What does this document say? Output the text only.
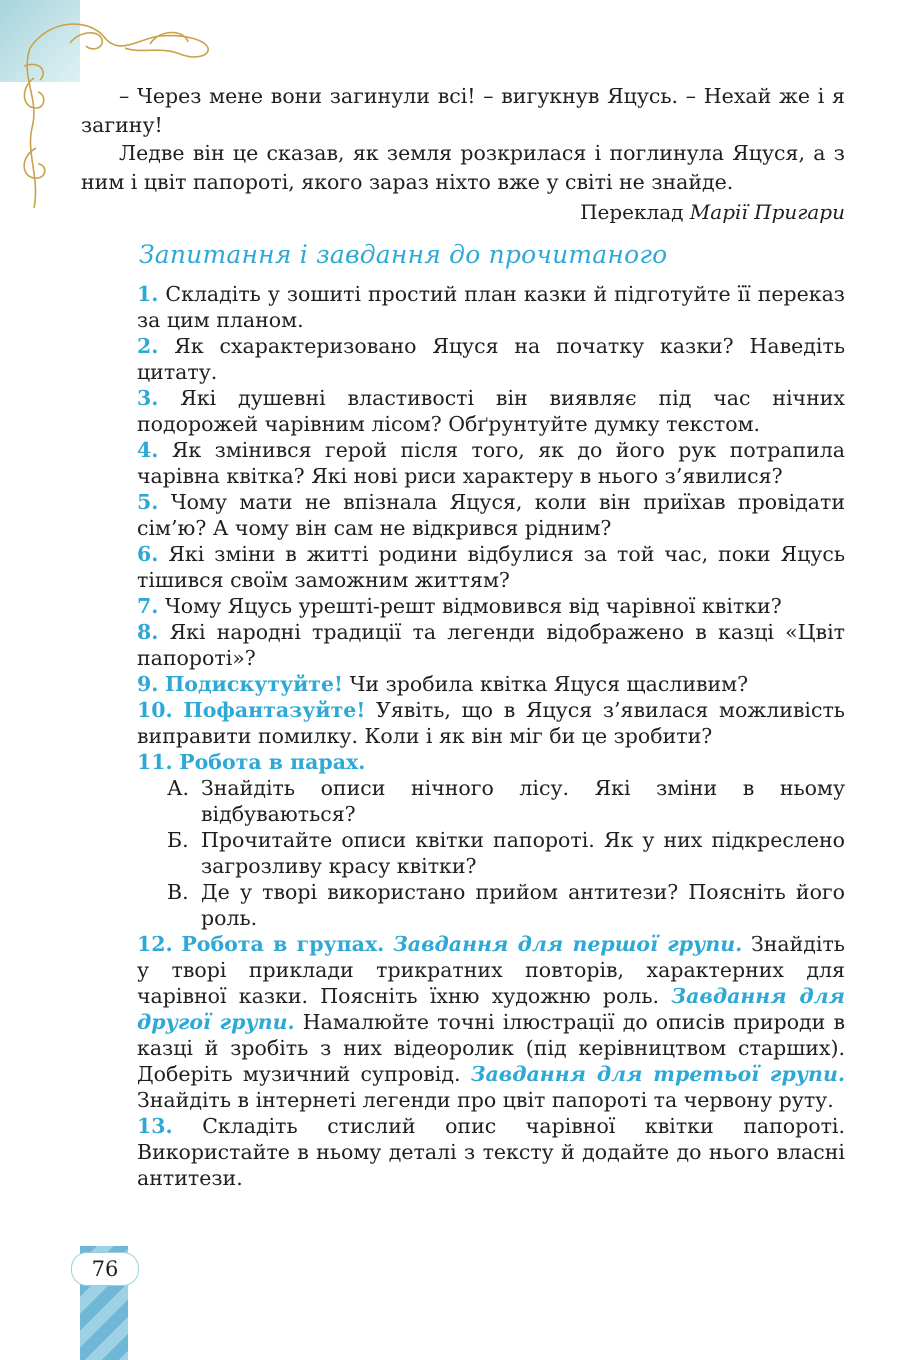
76

– Через мене вони загинули всі! – вигукнув Яцусь. – Нехай же і я загину!

Ледве він це сказав, як земля розкрилася і поглинула Яцуся, а з ним і цвіт папороті, якого зараз ніхто вже у світі не знайде.

Переклад Марії Пригари

Запитання і завдання до прочитаного

1. Складіть у зошиті простий план казки й підготуйте її переказ за цим планом.

2. Як схарактеризовано Яцуся на початку казки? Наведіть цитату.

3. Які душевні властивості він виявляє під час нічних подорожей чарівним лісом? Обґрунтуйте думку текстом.

4. Як змінився герой після того, як до його рук потрапила чарівна квітка? Які нові риси характеру в нього з’явилися?

5. Чому мати не впізнала Яцуся, коли він приїхав провідати сім’ю? А чому він сам не відкрився рідним?

6. Які зміни в житті родини відбулися за той час, поки Яцусь тішився своїм заможним життям?

7. Чому Яцусь урешті-решт відмовився від чарівної квітки?

8. Які народні традиції та легенди відображено в казці «Цвіт папороті»?

9. Подискутуйте! Чи зробила квітка Яцуся щасливим?

10. Пофантазуйте! Уявіть, що в Яцуся з’явилася можливість виправити помилку. Коли і як він міг би це зробити?

11. Робота в парах.

А. Знайдіть описи нічного лісу. Які зміни в ньому відбуваються?

Б. Прочитайте описи квітки папороті. Як у них підкреслено загрозливу красу квітки?

В. Де у творі використано прийом антитези? Поясніть його роль.

12. Робота в групах. Завдання для першої групи. Знайдіть у творі приклади трикратних повторів, характерних для чарівної казки. Поясніть їхню художню роль. Завдання для другої групи. Намалюйте точні ілюстрації до описів природи в казці й зробіть з них відеоролик (під керівництвом старших). Доберіть музичний супровід. Завдання для третьої групи. Знайдіть в інтернеті легенди про цвіт папороті та червону руту.

13. Складіть стислий опис чарівної квітки папороті. Використайте в ньому деталі з тексту й додайте до нього власні антитези.
